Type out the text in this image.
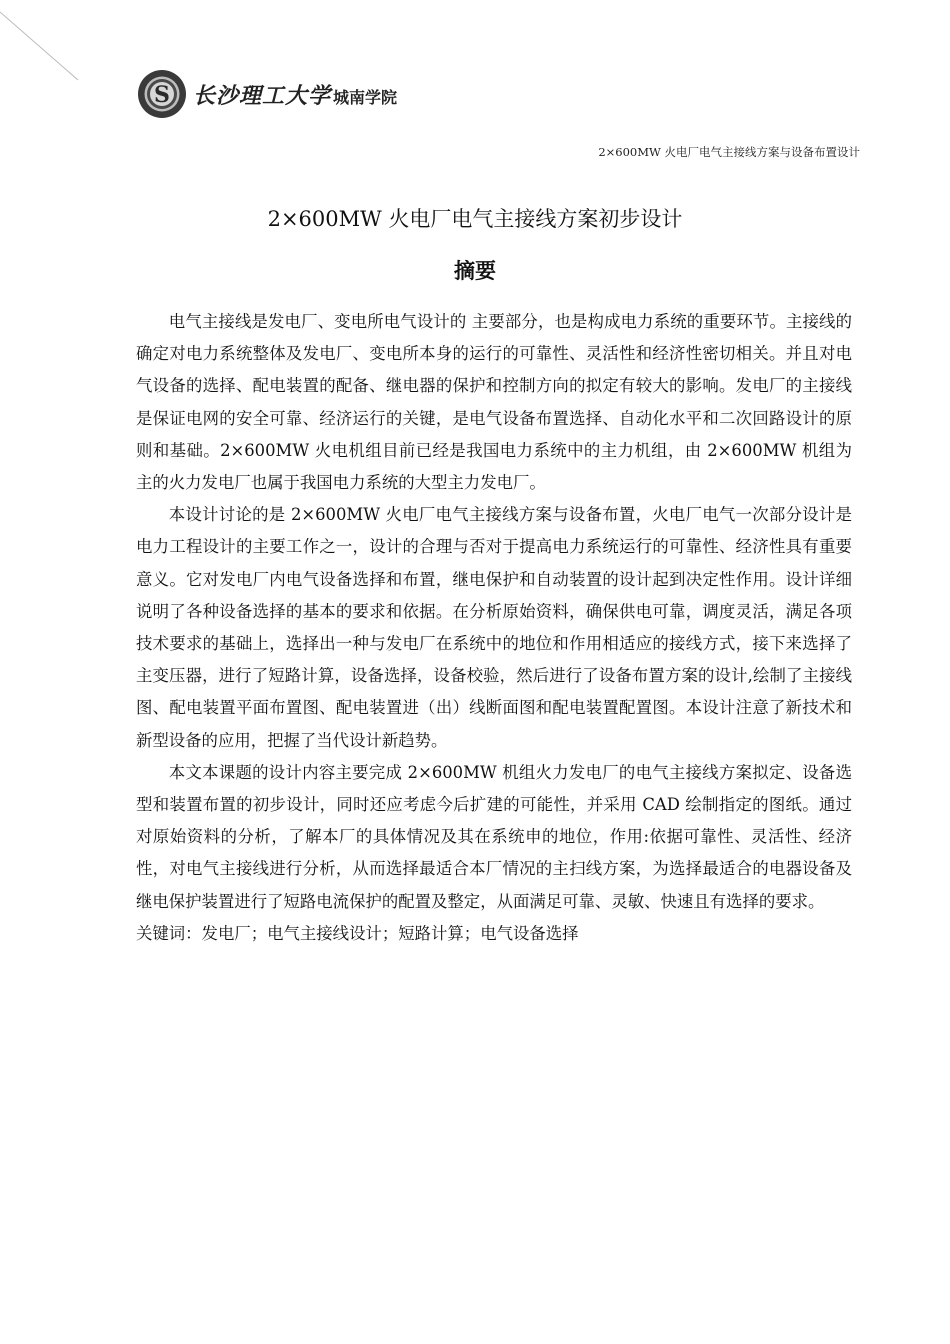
S 长沙理工大学 城南学院
2×600MW 火电厂电气主接线方案与设备布置设计
2×600MW 火电厂电气主接线方案初步设计
摘要

电气主接线是发电厂、变电所电气设计的 主要部分，也是构成电力系统的重要环节。主接线的确定对电力系统整体及发电厂、变电所本身的运行的可靠性、灵活性和经济性密切相关。并且对电气设备的选择、配电装置的配备、继电器的保护和控制方向的拟定有较大的影响。发电厂的主接线是保证电网的安全可靠、经济运行的关键，是电气设备布置选择、自动化水平和二次回路设计的原则和基础。2×600MW 火电机组目前已经是我国电力系统中的主力机组，由 2×600MW 机组为主的火力发电厂也属于我国电力系统的大型主力发电厂。

本设计讨论的是 2×600MW 火电厂电气主接线方案与设备布置，火电厂电气一次部分设计是电力工程设计的主要工作之一，设计的合理与否对于提高电力系统运行的可靠性、经济性具有重要意义。它对发电厂内电气设备选择和布置，继电保护和自动装置的设计起到决定性作用。设计详细说明了各种设备选择的基本的要求和依据。在分析原始资料，确保供电可靠，调度灵活，满足各项技术要求的基础上，选择出一种与发电厂在系统中的地位和作用相适应的接线方式，接下来选择了主变压器，进行了短路计算，设备选择，设备校验，然后进行了设备布置方案的设计,绘制了主接线图、配电装置平面布置图、配电装置进（出）线断面图和配电装置配置图。本设计注意了新技术和新型设备的应用，把握了当代设计新趋势。

本文本课题的设计内容主要完成 2×600MW 机组火力发电厂的电气主接线方案拟定、设备选型和装置布置的初步设计，同时还应考虑今后扩建的可能性，并采用 CAD 绘制指定的图纸。通过对原始资料的分析，了解本厂的具体情况及其在系统申的地位，作用:依据可靠性、灵活性、经济性，对电气主接线进行分析，从而选择最适合本厂情况的主扫线方案，为选择最适合的电器设备及继电保护装置进行了短路电流保护的配置及整定，从面满足可靠、灵敏、快速且有选择的要求。

关键词：发电厂；电气主接线设计；短路计算；电气设备选择
